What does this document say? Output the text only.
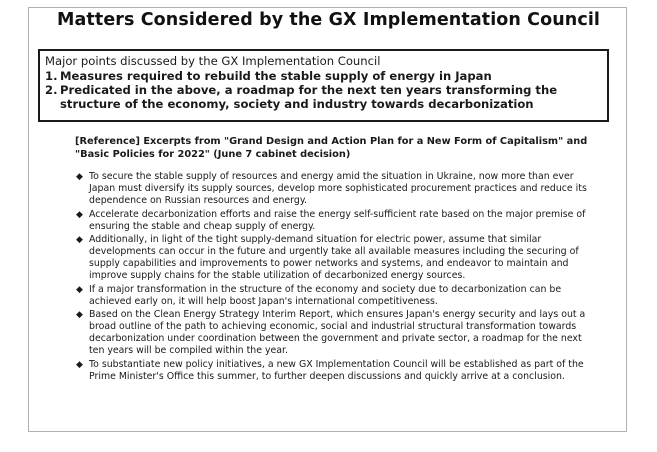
Matters Considered by the GX Implementation Council
Major points discussed by the GX Implementation Council
1. Measures required to rebuild the stable supply of energy in Japan
2. Predicated in the above, a roadmap for the next ten years transforming the structure of the economy, society and industry towards decarbonization
[Reference] Excerpts from "Grand Design and Action Plan for a New Form of Capitalism" and "Basic Policies for 2022" (June 7 cabinet decision)
◆ To secure the stable supply of resources and energy amid the situation in Ukraine, now more than ever Japan must diversify its supply sources, develop more sophisticated procurement practices and reduce its dependence on Russian resources and energy.
◆ Accelerate decarbonization efforts and raise the energy self-sufficient rate based on the major premise of ensuring the stable and cheap supply of energy.
◆ Additionally, in light of the tight supply-demand situation for electric power, assume that similar developments can occur in the future and urgently take all available measures including the securing of supply capabilities and improvements to power networks and systems, and endeavor to maintain and improve supply chains for the stable utilization of decarbonized energy sources.
◆ If a major transformation in the structure of the economy and society due to decarbonization can be achieved early on, it will help boost Japan's international competitiveness.
◆ Based on the Clean Energy Strategy Interim Report, which ensures Japan's energy security and lays out a broad outline of the path to achieving economic, social and industrial structural transformation towards decarbonization under coordination between the government and private sector, a roadmap for the next ten years will be compiled within the year.
◆ To substantiate new policy initiatives, a new GX Implementation Council will be established as part of the Prime Minister's Office this summer, to further deepen discussions and quickly arrive at a conclusion.
